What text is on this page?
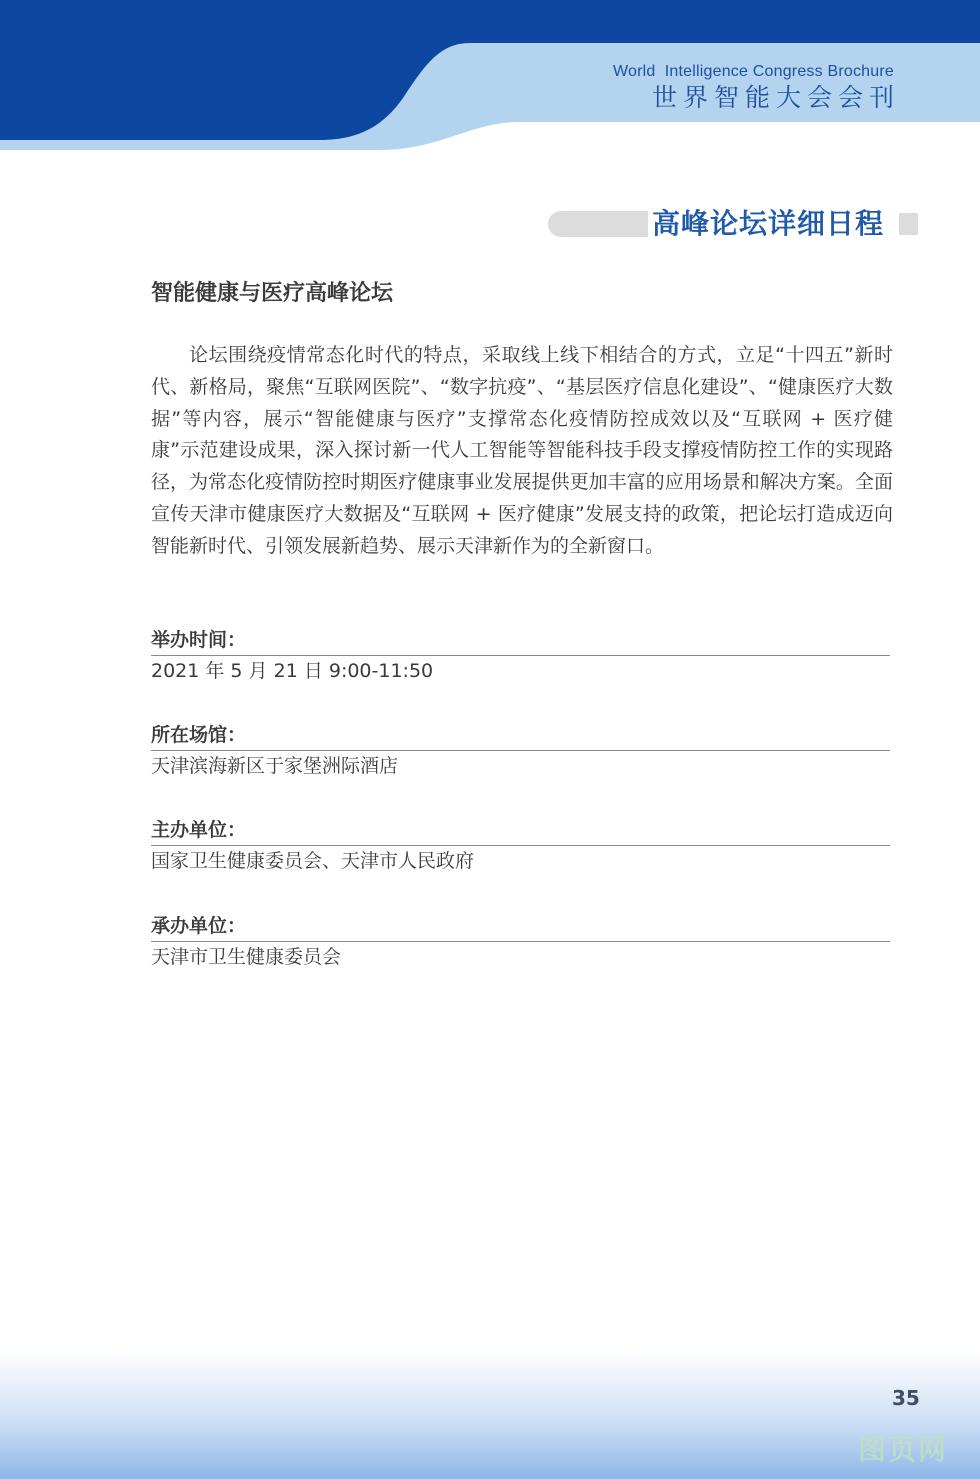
World  Intelligence Congress Brochure
世界智能大会会刊
高峰论坛详细日程
智能健康与医疗高峰论坛

论坛围绕疫情常态化时代的特点，采取线上线下相结合的方式，立足“十四五”新时代、新格局，聚焦“互联网医院”、“数字抗疫”、“基层医疗信息化建设”、“健康医疗大数据”等内容，展示“智能健康与医疗”支撑常态化疫情防控成效以及“互联网 + 医疗健康”示范建设成果，深入探讨新一代人工智能等智能科技手段支撑疫情防控工作的实现路径，为常态化疫情防控时期医疗健康事业发展提供更加丰富的应用场景和解决方案。全面宣传天津市健康医疗大数据及“互联网 + 医疗健康”发展支持的政策，把论坛打造成迈向智能新时代、引领发展新趋势、展示天津新作为的全新窗口。

举办时间：
2021 年 5 月 21 日 9:00-11:50
所在场馆：
天津滨海新区于家堡洲际酒店
主办单位：
国家卫生健康委员会、天津市人民政府
承办单位：
天津市卫生健康委员会
35
图页网
